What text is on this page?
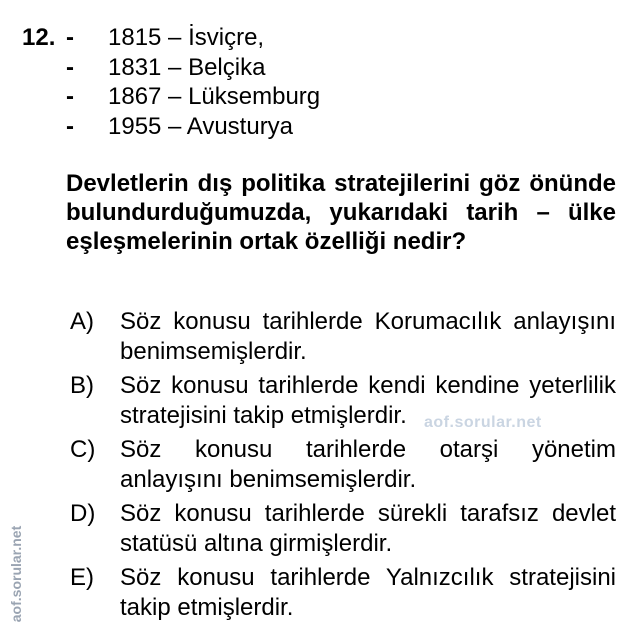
12. - 1815 – İsviçre,
- 1831 – Belçika
- 1867 – Lüksemburg
- 1955 – Avusturya
Devletlerin dış politika stratejilerini göz önünde bulundurduğumuzda, yukarıdaki tarih – ülke eşleşmelerinin ortak özelliği nedir?
A)	Söz konusu tarihlerde Korumacılık anlayışını benimsemişlerdir.
B)	Söz konusu tarihlerde kendi kendine yeterlilik stratejisini takip etmişlerdir.
C)	Söz konusu tarihlerde otarşi yönetim anlayışını benimsemişlerdir.
D)	Söz konusu tarihlerde sürekli tarafsız devlet statüsü altına girmişlerdir.
E)	Söz konusu tarihlerde Yalnızcılık stratejisini takip etmişlerdir.
aof.sorular.net
aof.sorular.net
